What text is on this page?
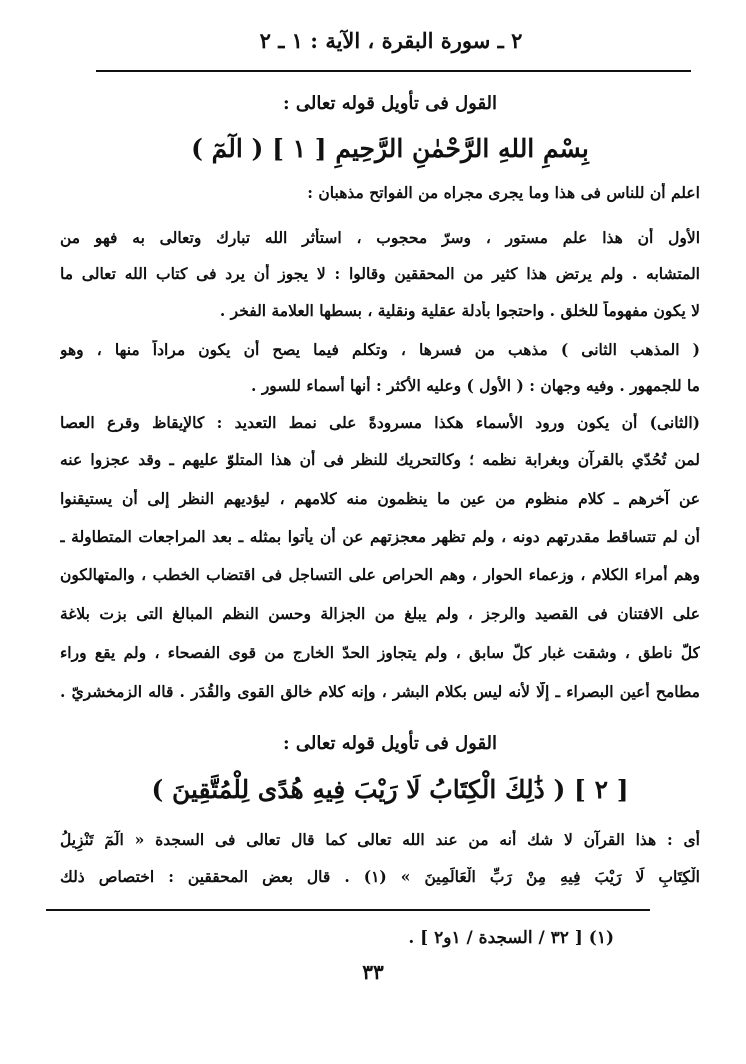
٢ ـ سورة البقرة ، الآية : ١ ـ ٢
القول فى تأويل قوله تعالى :
بِسْمِ اللهِ الرَّحْمٰنِ الرَّحِيمِ [ ١ ] ( الٓمٓ )
اعلم أن للناس فى هذا وما يجرى مجراه من الفواتح مذهبان :
الأول أن هذا علم مستور ، وسرّ محجوب ، استأثر الله تبارك وتعالى به فهو من
المتشابه . ولم يرتض هذا كثير من المحققين وقالوا : لا يجوز أن يرد فى كتاب الله تعالى ما
لا يكون مفهوماً للخلق . واحتجوا بأدلة عقلية ونقلية ، بسطها العلامة الفخر .
( المذهب الثانى ) مذهب من فسرها ، وتكلم فيما يصح أن يكون مراداً منها ، وهو
ما للجمهور . وفيه وجهان : ( الأول ) وعليه الأكثر : أنها أسماء للسور .
(الثانى) أن يكون ورود الأسماء هكذا مسرودةً على نمط التعديد : كالإيقاظ وقرع العصا
لمن تُحُدّي بالقرآن وبغرابة نظمه ؛ وكالتحريك للنظر فى أن هذا المتلوّ عليهم ـ وقد عجزوا عنه
عن آخرهم ـ كلام منظوم من عين ما ينظمون منه كلامهم ، ليؤديهم النظر إلى أن يستيقنوا
أن لم تتساقط مقدرتهم دونه ، ولم تظهر معجزتهم عن أن يأتوا بمثله ـ بعد المراجعات المتطاولة ـ
وهم أمراء الكلام ، وزعماء الحوار ، وهم الحراص على التساجل فى اقتضاب الخطب ، والمتهالكون
على الافتنان فى القصيد والرجز ، ولم يبلغ من الجزالة وحسن النظم المبالغ التى بزت بلاغة
كلّ ناطق ، وشقت غبار كلّ سابق ، ولم يتجاوز الحدّ الخارج من قوى الفصحاء ، ولم يقع وراء
مطامح أعين البصراء ـ إلّا لأنه ليس بكلام البشر ، وإنه كلام خالق القوى والقُدَر . قاله الزمخشريّ .
القول فى تأويل قوله تعالى :
[ ٢ ] ( ذَٰلِكَ الْكِتَابُ لَا رَيْبَ فِيهِ هُدًى لِلْمُتَّقِينَ )
أى : هذا القرآن لا شك أنه من عند الله تعالى كما قال تعالى فى السجدة « الٓمٓ تَنْزِيلُ
الْكِتَابِ لَا رَيْبَ فِيهِ مِنْ رَبِّ الْعَالَمِينَ » (١) . قال بعض المحققين : اختصاص ذلك
(١) [ ٣٢ / السجدة / ١و٢ ] .
٣٣
